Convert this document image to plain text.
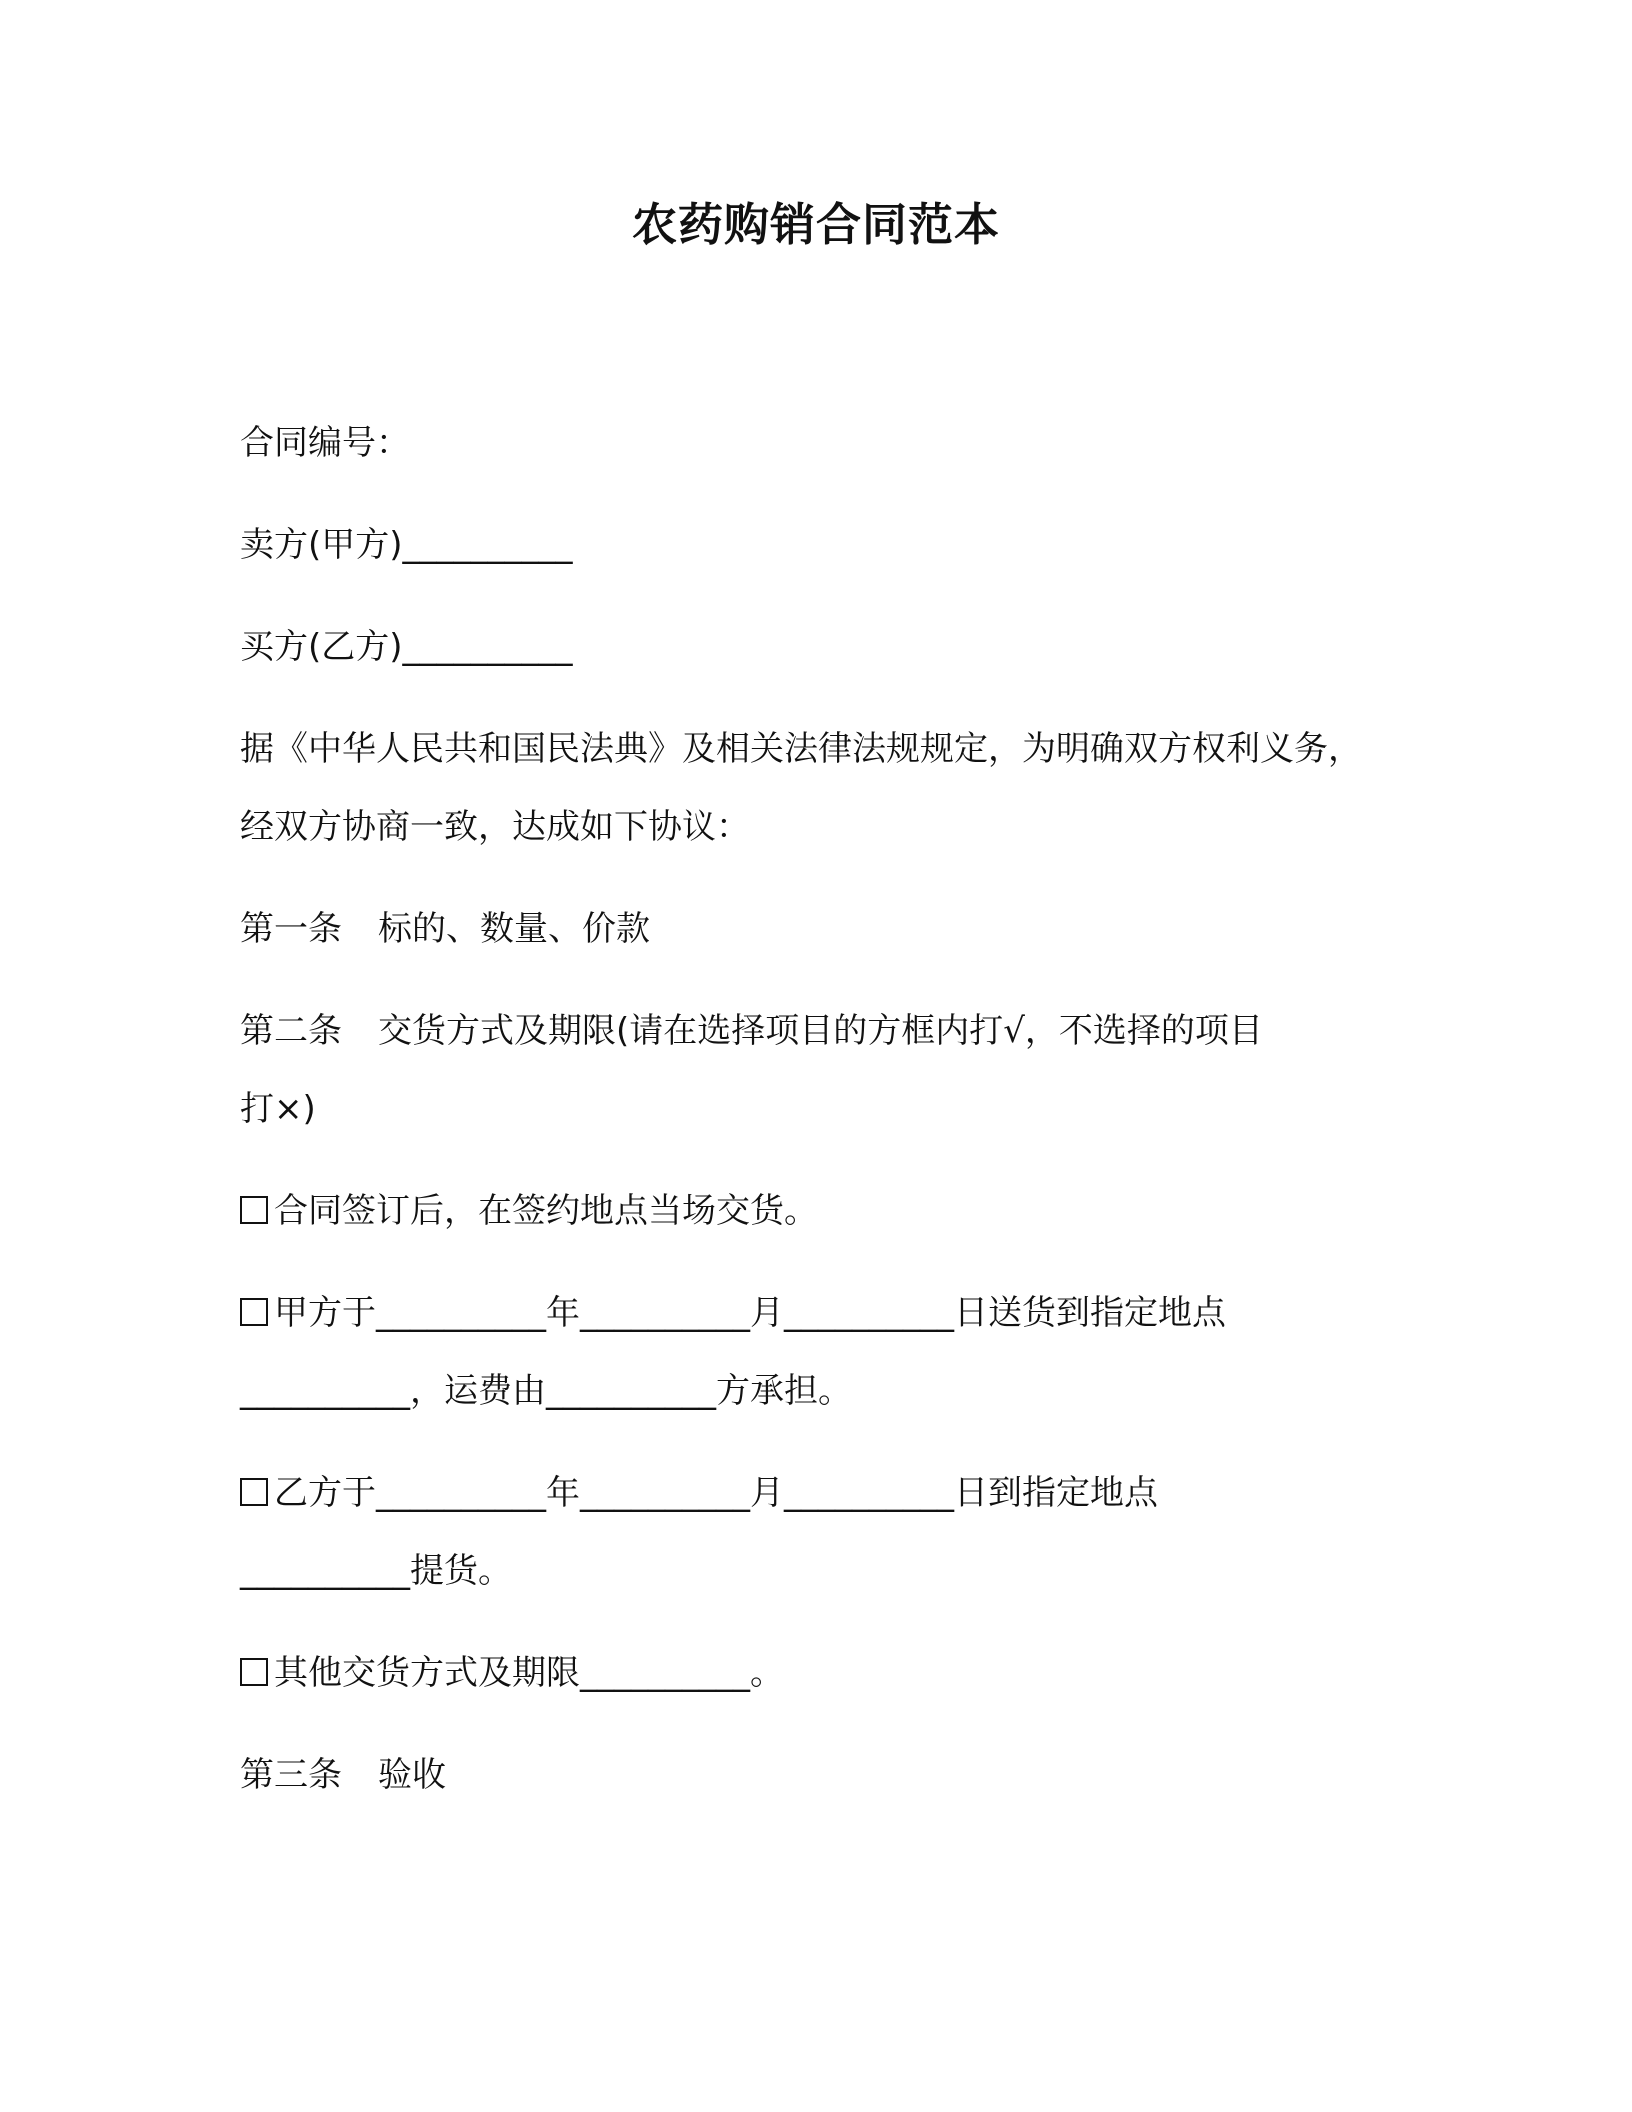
农药购销合同范本

合同编号：

卖方(甲方)__________

买方(乙方)__________

据《中华人民共和国民法典》及相关法律法规规定，为明确双方权利义务，经双方协商一致，达成如下协议：

第一条 标的、数量、价款

第二条 交货方式及期限(请在选择项目的方框内打√，不选择的项目

打×)

合同签订后，在签约地点当场交货。

甲方于__________年__________月__________日送货到指定地点

__________，运费由__________方承担。

乙方于__________年__________月__________日到指定地点

__________提货。

其他交货方式及期限__________。

第三条 验收
